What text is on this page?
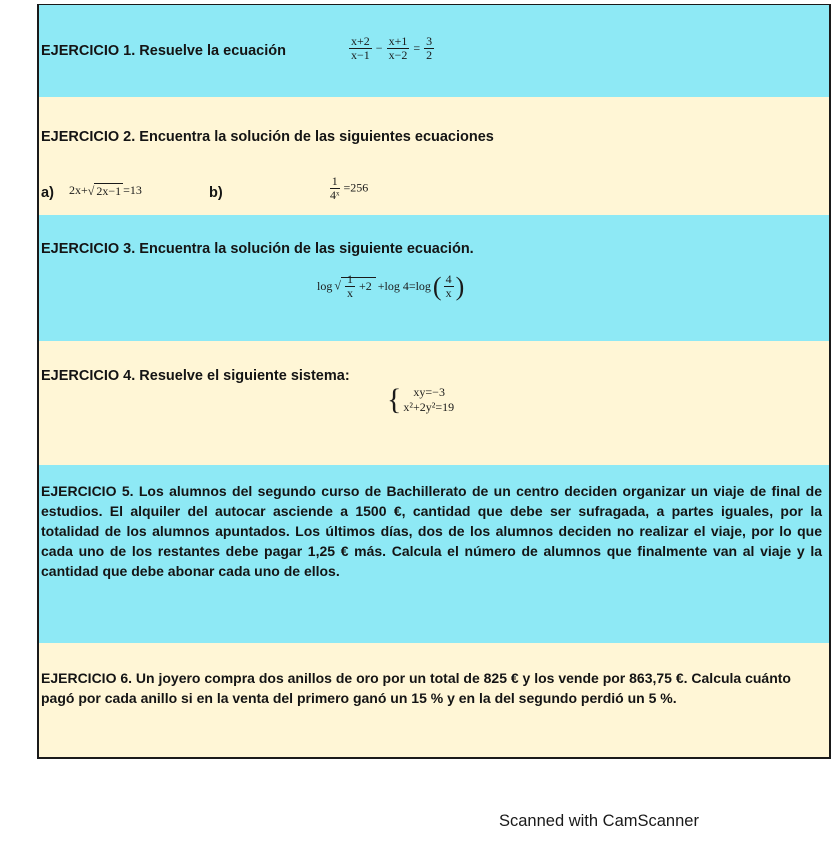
EJERCICIO 1. Resuelve la ecuación	$\frac{x+2}{x-1} - \frac{x+1}{x-2} = \frac{3}{2}$
EJERCICIO 2. Encuentra la solución de las siguientes ecuaciones
a) 2x+√ 2x−1 =13	b)	$\frac{1}{\text{4ˣ}} =256$
EJERCICIO 3. Encuentra la solución de las siguiente ecuación.
log √ $\frac{1}{x} +2 +\log$ $4=\log( \frac{4}{x}$ )
EJERCICIO 4. Resuelve el siguiente sistema:
{	xy=−3
x²+2y²=19
EJERCICIO 5. Los alumnos del segundo curso de Bachillerato de un centro deciden organizar un viaje de final de estudios. El alquiler del autocar asciende a 1500 €, cantidad que debe ser sufragada, a partes iguales, por la totalidad de los alumnos apuntados. Los últimos días, dos de los alumnos deciden no realizar el viaje, por lo que cada uno de los restantes debe pagar 1,25 € más. Calcula el número de alumnos que finalmente van al viaje y la cantidad que debe abonar cada uno de ellos.
EJERCICIO 6. Un joyero compra dos anillos de oro por un total de 825 € y los vende por 863,75 €. Calcula cuánto pagó por cada anillo si en la venta del primero ganó un 15 % y en la del segundo perdió un 5 %.
Scanned with CamScanner
